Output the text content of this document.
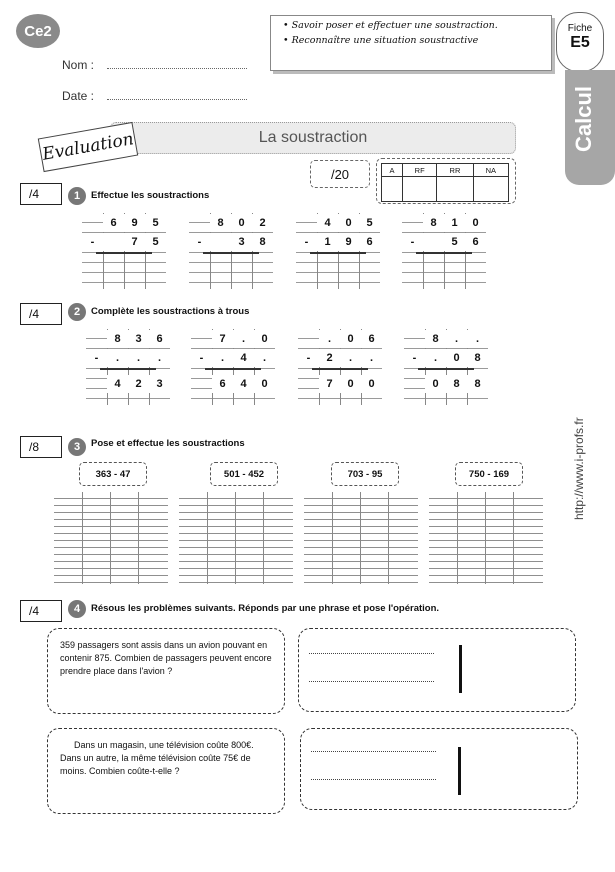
Ce2	• Savoir poser et effectuer une soustraction.
• Reconnaître une situation soustractive
Fiche
E5
Calcul
Nom :
Date :
La soustraction
Evaluation
/20	A	RF	RR	NA

/4	1	Effectue les soustractions
6	9	5
-	7	5
8	0	2
-	3	8
4	0	5
-	1	9	6
8	1	0
-	5	6
/4	2	Complète les soustractions à trous
8	3	6
-	.	.	.
4	2	3
7	.	0
-	.	4	.
6	4	0
.	0	6
-	2	.	.
7	0	0
8	.	.
-	.	0	8
0	8	8
/8	3	Pose et effectue les soustractions
363 - 47	501 - 452	703 - 95	750 - 169
/4	4	Résous les problèmes suivants. Réponds par une phrase et pose l'opération.
359 passagers sont assis dans un avion pouvant en contenir 875. Combien de passagers peuvent encore prendre place dans l'avion ?
Dans un magasin, une télévision coûte 800€. Dans un autre, la même télévision coûte 75€ de moins. Combien coûte-t-elle ?
http://www.i-profs.fr
